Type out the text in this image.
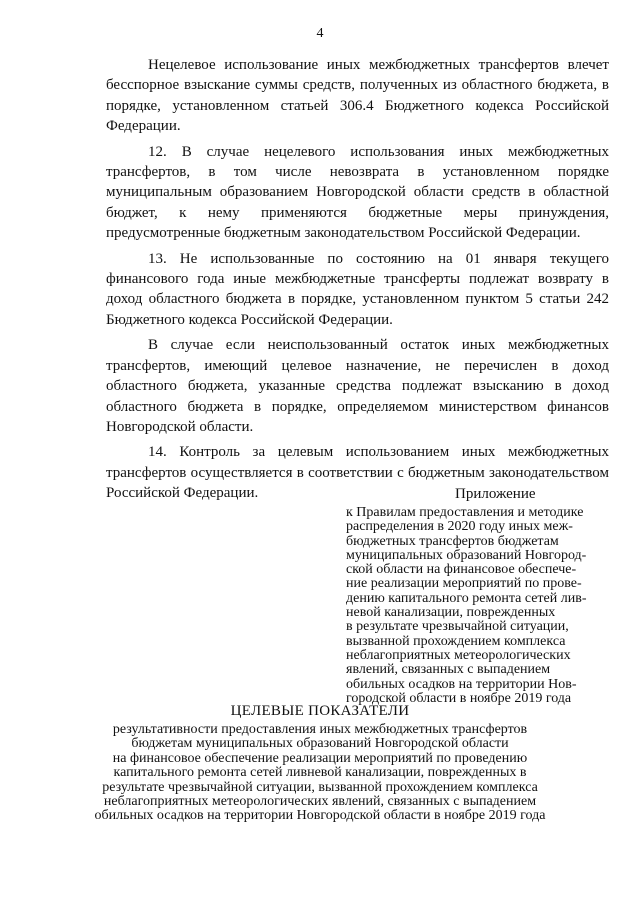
4

Нецелевое использование иных межбюджетных трансфертов влечет бесспорное взыскание суммы средств, полученных из областного бюджета, в порядке, установленном статьей 306.4 Бюджетного кодекса Российской Федерации.

12. В случае нецелевого использования иных межбюджетных трансфертов, в том числе невозврата в установленном порядке муниципальным образованием Новгородской области средств в областной бюджет, к нему применяются бюджетные меры принуждения, предусмотренные бюджетным законодательством Российской Федерации.

13. Не использованные по состоянию на 01 января текущего финансового года иные межбюджетные трансферты подлежат возврату в доход областного бюджета в порядке, установленном пунктом 5 статьи 242 Бюджетного кодекса Российской Федерации.

В случае если неиспользованный остаток иных межбюджетных трансфертов, имеющий целевое назначение, не перечислен в доход областного бюджета, указанные средства подлежат взысканию в доход областного бюджета в порядке, определяемом министерством финансов Новгородской области.

14. Контроль за целевым использованием иных межбюджетных трансфертов осуществляется в соответствии с бюджетным законодательством Российской Федерации.	Приложение
к Правилам предоставления и методике
распределения в 2020 году иных меж-
бюджетных трансфертов бюджетам
муниципальных образований Новгород-
ской области на финансовое обеспече-
ние реализации мероприятий по прове-
дению капитального ремонта сетей лив-
невой канализации, поврежденных
в результате чрезвычайной ситуации,
вызванной прохождением комплекса
неблагоприятных метеорологических
явлений, связанных с выпадением
обильных осадков на территории Нов-
городской области в ноябре 2019 года
ЦЕЛЕВЫЕ ПОКАЗАТЕЛИ
результативности предоставления иных межбюджетных трансфертов
бюджетам муниципальных образований Новгородской области
на финансовое обеспечение реализации мероприятий по проведению
капитального ремонта сетей ливневой канализации, поврежденных в
результате чрезвычайной ситуации, вызванной прохождением комплекса
неблагоприятных метеорологических явлений, связанных с выпадением
обильных осадков на территории Новгородской области в ноябре 2019 года
